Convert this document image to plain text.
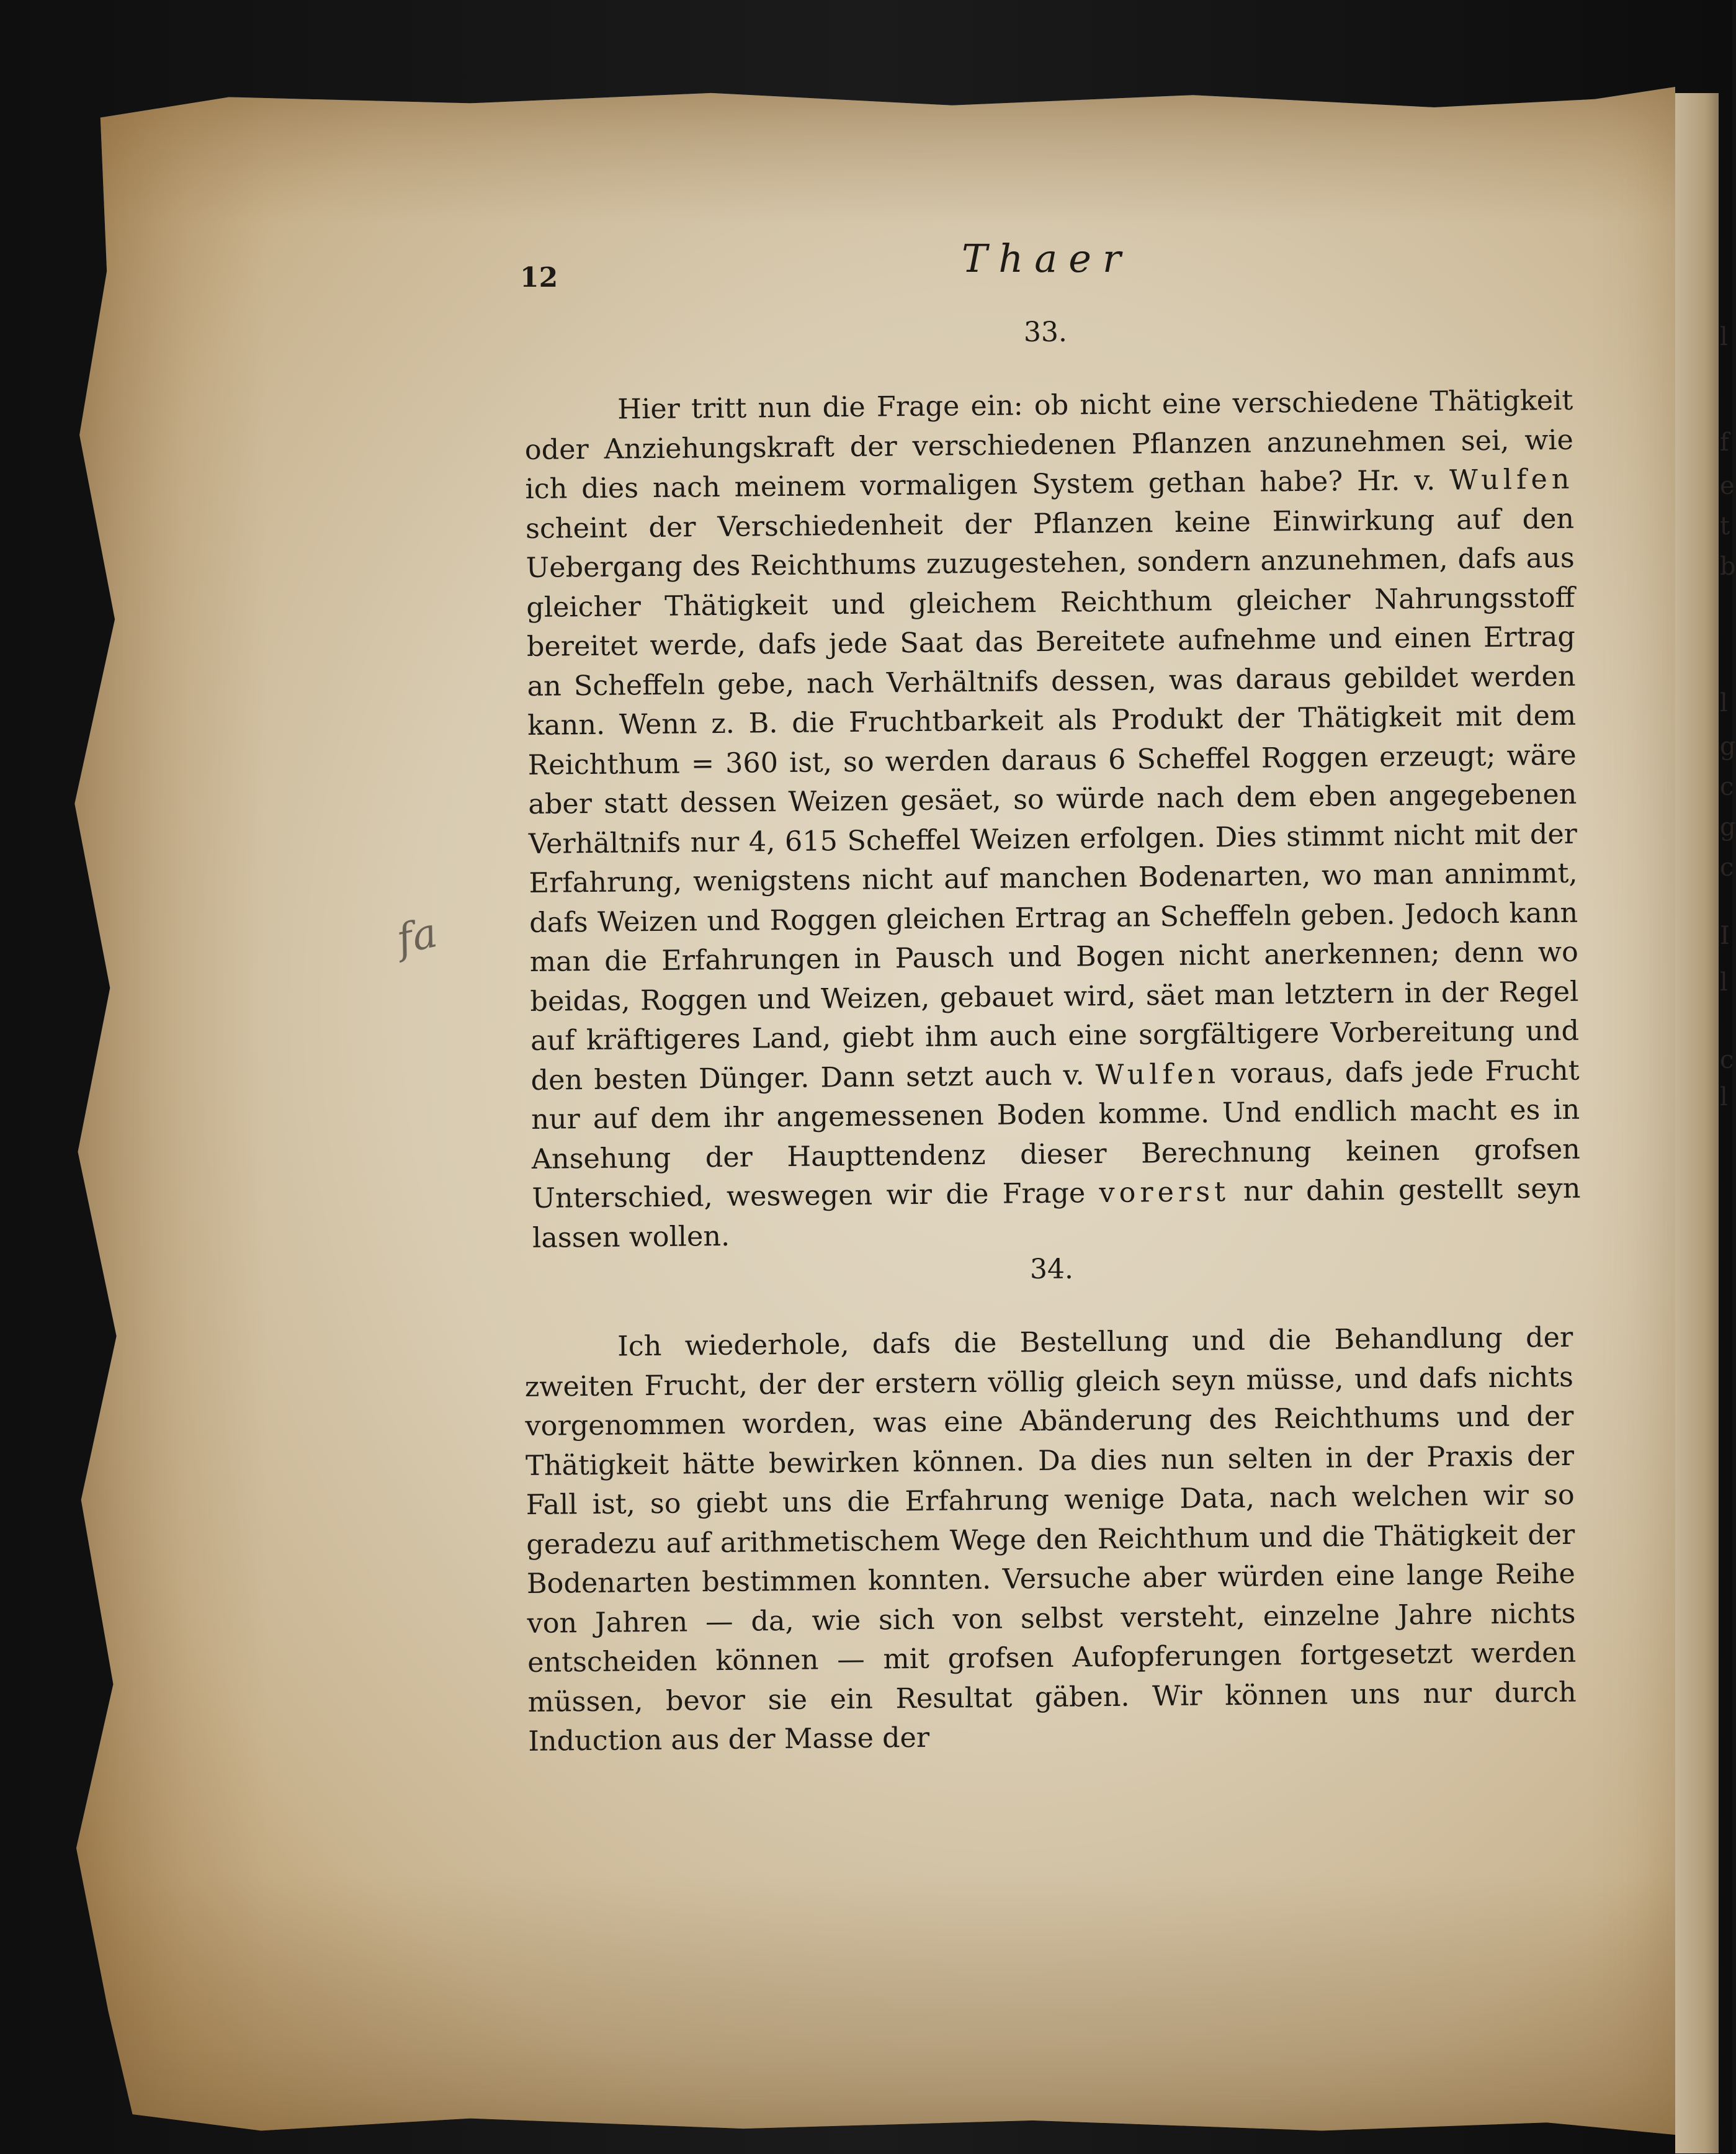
l
f
e
t
b
l
g
c
g
c
I
l
c
l
12	Thaer
33.

Hier tritt nun die Frage ein: ob nicht eine verschiedene Thätigkeit oder Anziehungskraft der verschiedenen Pflanzen anzunehmen sei, wie ich dies nach meinem vormaligen System gethan habe? Hr. v. Wulfen scheint der Verschiedenheit der Pflanzen keine Einwirkung auf den Uebergang des Reichthums zuzugestehen, sondern anzunehmen, dafs aus gleicher Thätigkeit und gleichem Reichthum gleicher Nahrungsstoff bereitet werde, dafs jede Saat das Bereitete aufnehme und einen Ertrag an Scheffeln gebe, nach Verhältnifs dessen, was daraus gebildet werden kann. Wenn z. B. die Fruchtbarkeit als Produkt der Thätigkeit mit dem Reichthum = 360 ist, so werden daraus 6 Scheffel Roggen erzeugt; wäre aber statt dessen Weizen gesäet, so würde nach dem eben angegebenen Verhältnifs nur 4, 615 Scheffel Weizen erfolgen. Dies stimmt nicht mit der Erfahrung, wenigstens nicht auf manchen Bodenarten, wo man annimmt, dafs Weizen und Roggen gleichen Ertrag an Scheffeln geben. Jedoch kann man die Erfahrungen in Pausch und Bogen nicht anerkennen; denn wo beidas, Roggen und Weizen, gebauet wird, säet man letztern in der Regel auf kräftigeres Land, giebt ihm auch eine sorgfältigere Vorbereitung und den besten Dünger. Dann setzt auch v. Wulfen voraus, dafs jede Frucht nur auf dem ihr angemessenen Boden komme. Und endlich macht es in Ansehung der Haupttendenz dieser Berechnung keinen grofsen Unterschied, weswegen wir die Frage vorerst nur dahin gestellt seyn lassen wollen.

fa
34.

Ich wiederhole, dafs die Bestellung und die Behandlung der zweiten Frucht, der der erstern völlig gleich seyn müsse, und dafs nichts vorgenommen worden, was eine Abänderung des Reichthums und der Thätigkeit hätte bewirken können. Da dies nun selten in der Praxis der Fall ist, so giebt uns die Erfahrung wenige Data, nach welchen wir so geradezu auf arithmetischem Wege den Reichthum und die Thätigkeit der Bodenarten bestimmen konnten. Versuche aber würden eine lange Reihe von Jahren — da, wie sich von selbst versteht, einzelne Jahre nichts entscheiden können — mit grofsen Aufopferungen fortgesetzt werden müssen, bevor sie ein Resultat gäben. Wir können uns nur durch Induction aus der Masse der
